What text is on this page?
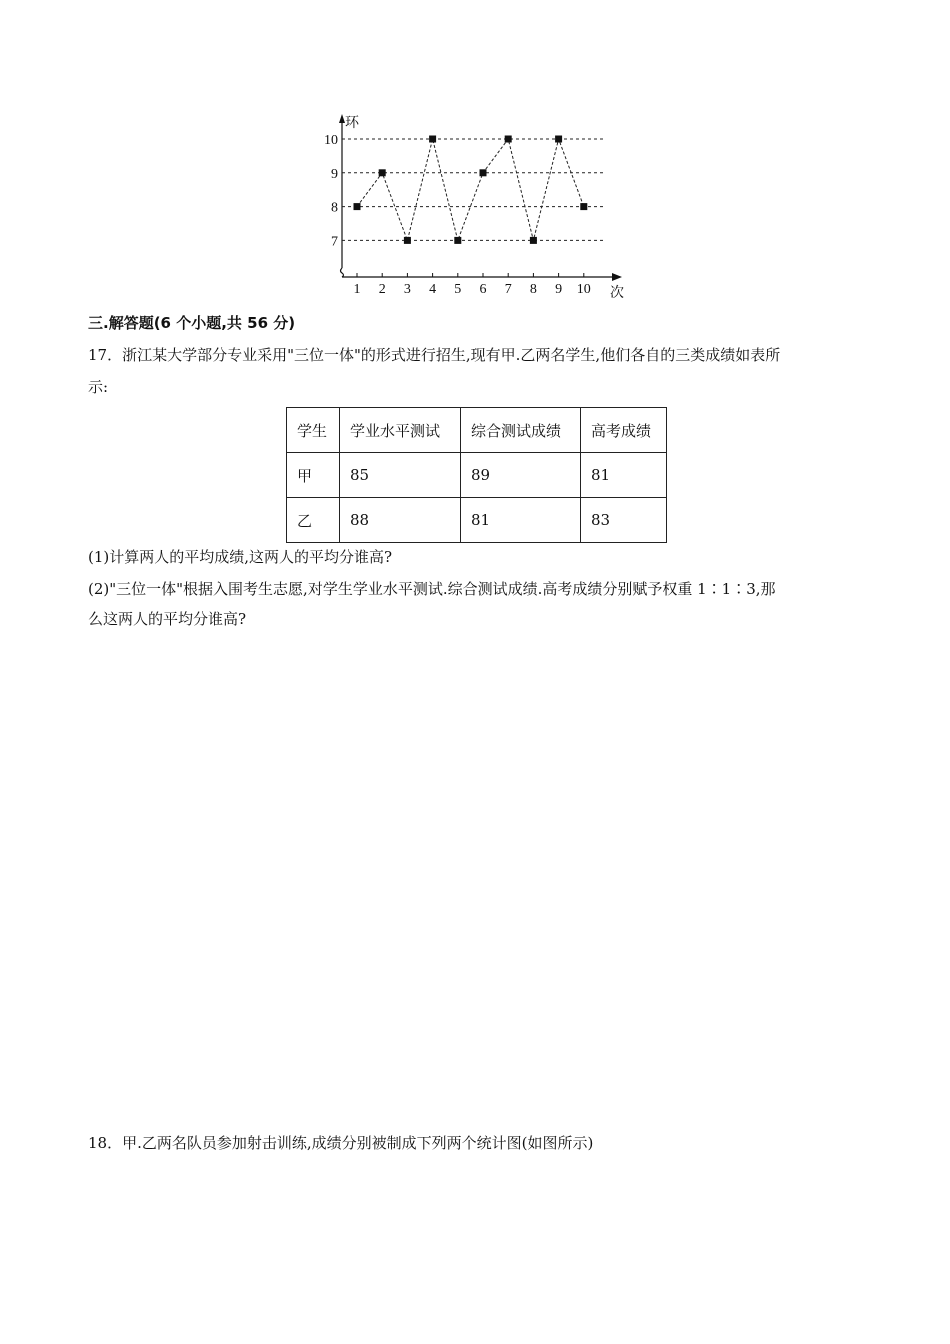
环
次
7
8
9
10
1 2 3 4 5 6 7 8 9 10
三.解答题(6 个小题,共 56 分)

17．浙江某大学部分专业采用"三位一体"的形式进行招生,现有甲.乙两名学生,他们各自的三类成绩如表所

示:

学生	学业水平测试	综合测试成绩	高考成绩
甲	85	89	81
乙	88	81	83

(1)计算两人的平均成绩,这两人的平均分谁高?

(2)"三位一体"根据入围考生志愿,对学生学业水平测试.综合测试成绩.高考成绩分别赋予权重 1∶1∶3,那

么这两人的平均分谁高?

18．甲.乙两名队员参加射击训练,成绩分别被制成下列两个统计图(如图所示)
